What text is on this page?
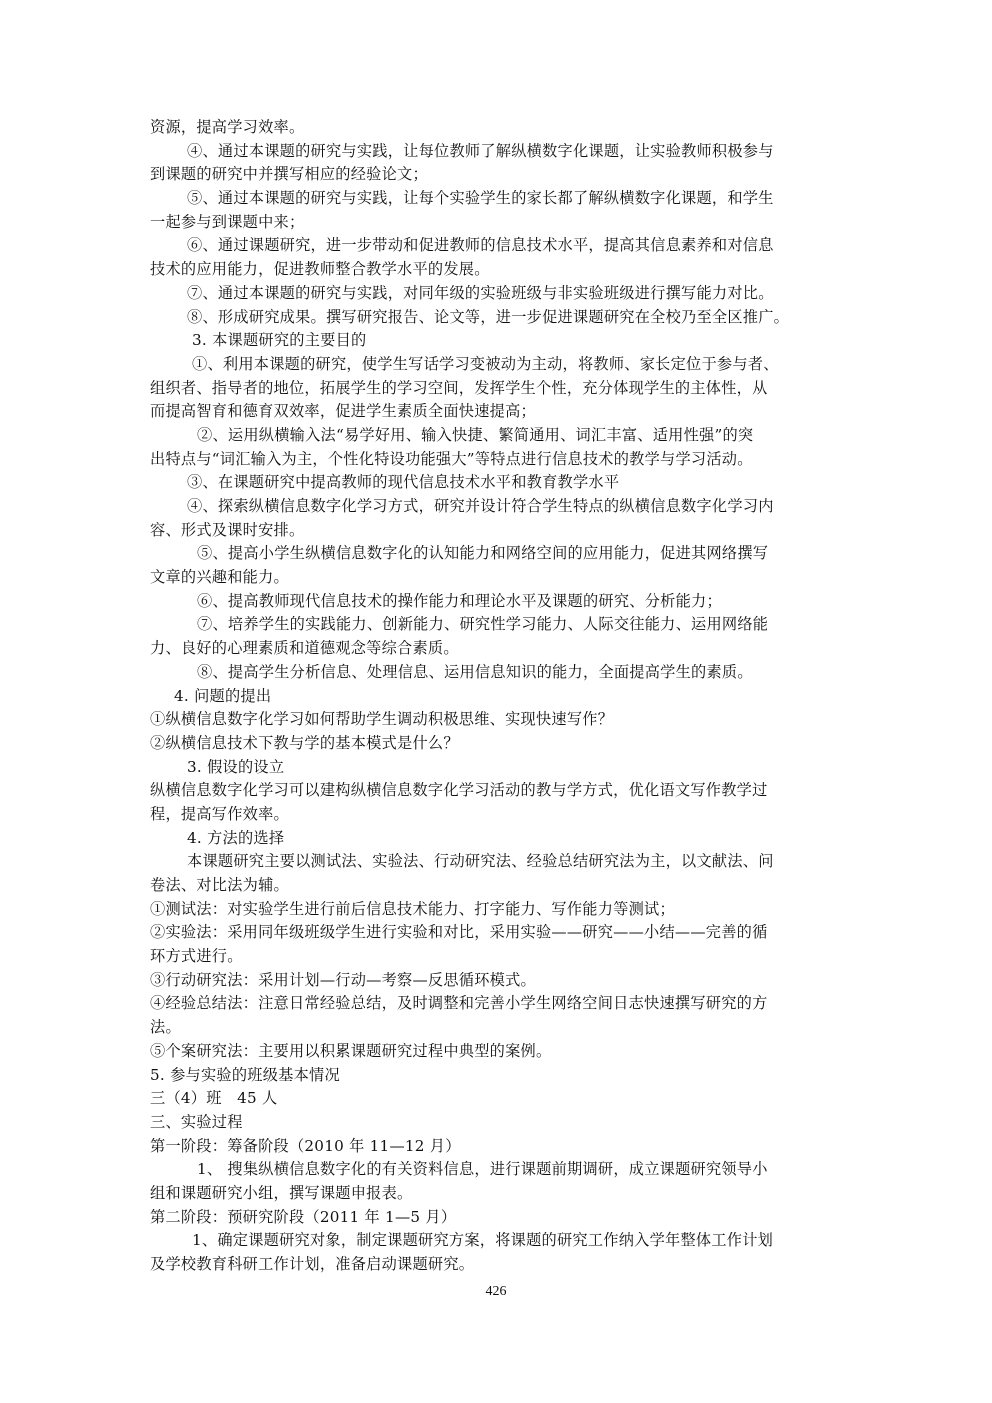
资源，提高学习效率。
④、通过本课题的研究与实践，让每位教师了解纵横数字化课题，让实验教师积极参与
到课题的研究中并撰写相应的经验论文；
⑤、通过本课题的研究与实践，让每个实验学生的家长都了解纵横数字化课题，和学生
一起参与到课题中来；
⑥、通过课题研究，进一步带动和促进教师的信息技术水平，提高其信息素养和对信息
技术的应用能力，促进教师整合教学水平的发展。
⑦、通过本课题的研究与实践，对同年级的实验班级与非实验班级进行撰写能力对比。
⑧、形成研究成果。撰写研究报告、论文等，进一步促进课题研究在全校乃至全区推广。
3. 本课题研究的主要目的
①、利用本课题的研究，使学生写话学习变被动为主动，将教师、家长定位于参与者、
组织者、指导者的地位，拓展学生的学习空间，发挥学生个性，充分体现学生的主体性，从
而提高智育和德育双效率，促进学生素质全面快速提高；
②、运用纵横输入法“易学好用、输入快捷、繁简通用、词汇丰富、适用性强”的突
出特点与“词汇输入为主，个性化特设功能强大”等特点进行信息技术的教学与学习活动。
③、在课题研究中提高教师的现代信息技术水平和教育教学水平
④、探索纵横信息数字化学习方式，研究并设计符合学生特点的纵横信息数字化学习内
容、形式及课时安排。
⑤、提高小学生纵横信息数字化的认知能力和网络空间的应用能力，促进其网络撰写
文章的兴趣和能力。
⑥、提高教师现代信息技术的操作能力和理论水平及课题的研究、分析能力；
⑦、培养学生的实践能力、创新能力、研究性学习能力、人际交往能力、运用网络能
力、良好的心理素质和道德观念等综合素质。
⑧、提高学生分析信息、处理信息、运用信息知识的能力，全面提高学生的素质。
4. 问题的提出
①纵横信息数字化学习如何帮助学生调动积极思维、实现快速写作？
②纵横信息技术下教与学的基本模式是什么？
3. 假设的设立
纵横信息数字化学习可以建构纵横信息数字化学习活动的教与学方式，优化语文写作教学过
程，提高写作效率。
4. 方法的选择
本课题研究主要以测试法、实验法、行动研究法、经验总结研究法为主，以文献法、问
卷法、对比法为辅。
①测试法：对实验学生进行前后信息技术能力、打字能力、写作能力等测试；
②实验法：采用同年级班级学生进行实验和对比，采用实验——研究——小结——完善的循
环方式进行。
③行动研究法：采用计划—行动—考察—反思循环模式。
④经验总结法：注意日常经验总结，及时调整和完善小学生网络空间日志快速撰写研究的方
法。
⑤个案研究法：主要用以积累课题研究过程中典型的案例。
5. 参与实验的班级基本情况
三（4）班　45 人
三、实验过程
第一阶段：筹备阶段（2010 年 11—12 月）
1、 搜集纵横信息数字化的有关资料信息，进行课题前期调研，成立课题研究领导小
组和课题研究小组，撰写课题申报表。
第二阶段：预研究阶段（2011 年 1—5 月）
1、确定课题研究对象，制定课题研究方案，将课题的研究工作纳入学年整体工作计划
及学校教育科研工作计划，准备启动课题研究。
426
